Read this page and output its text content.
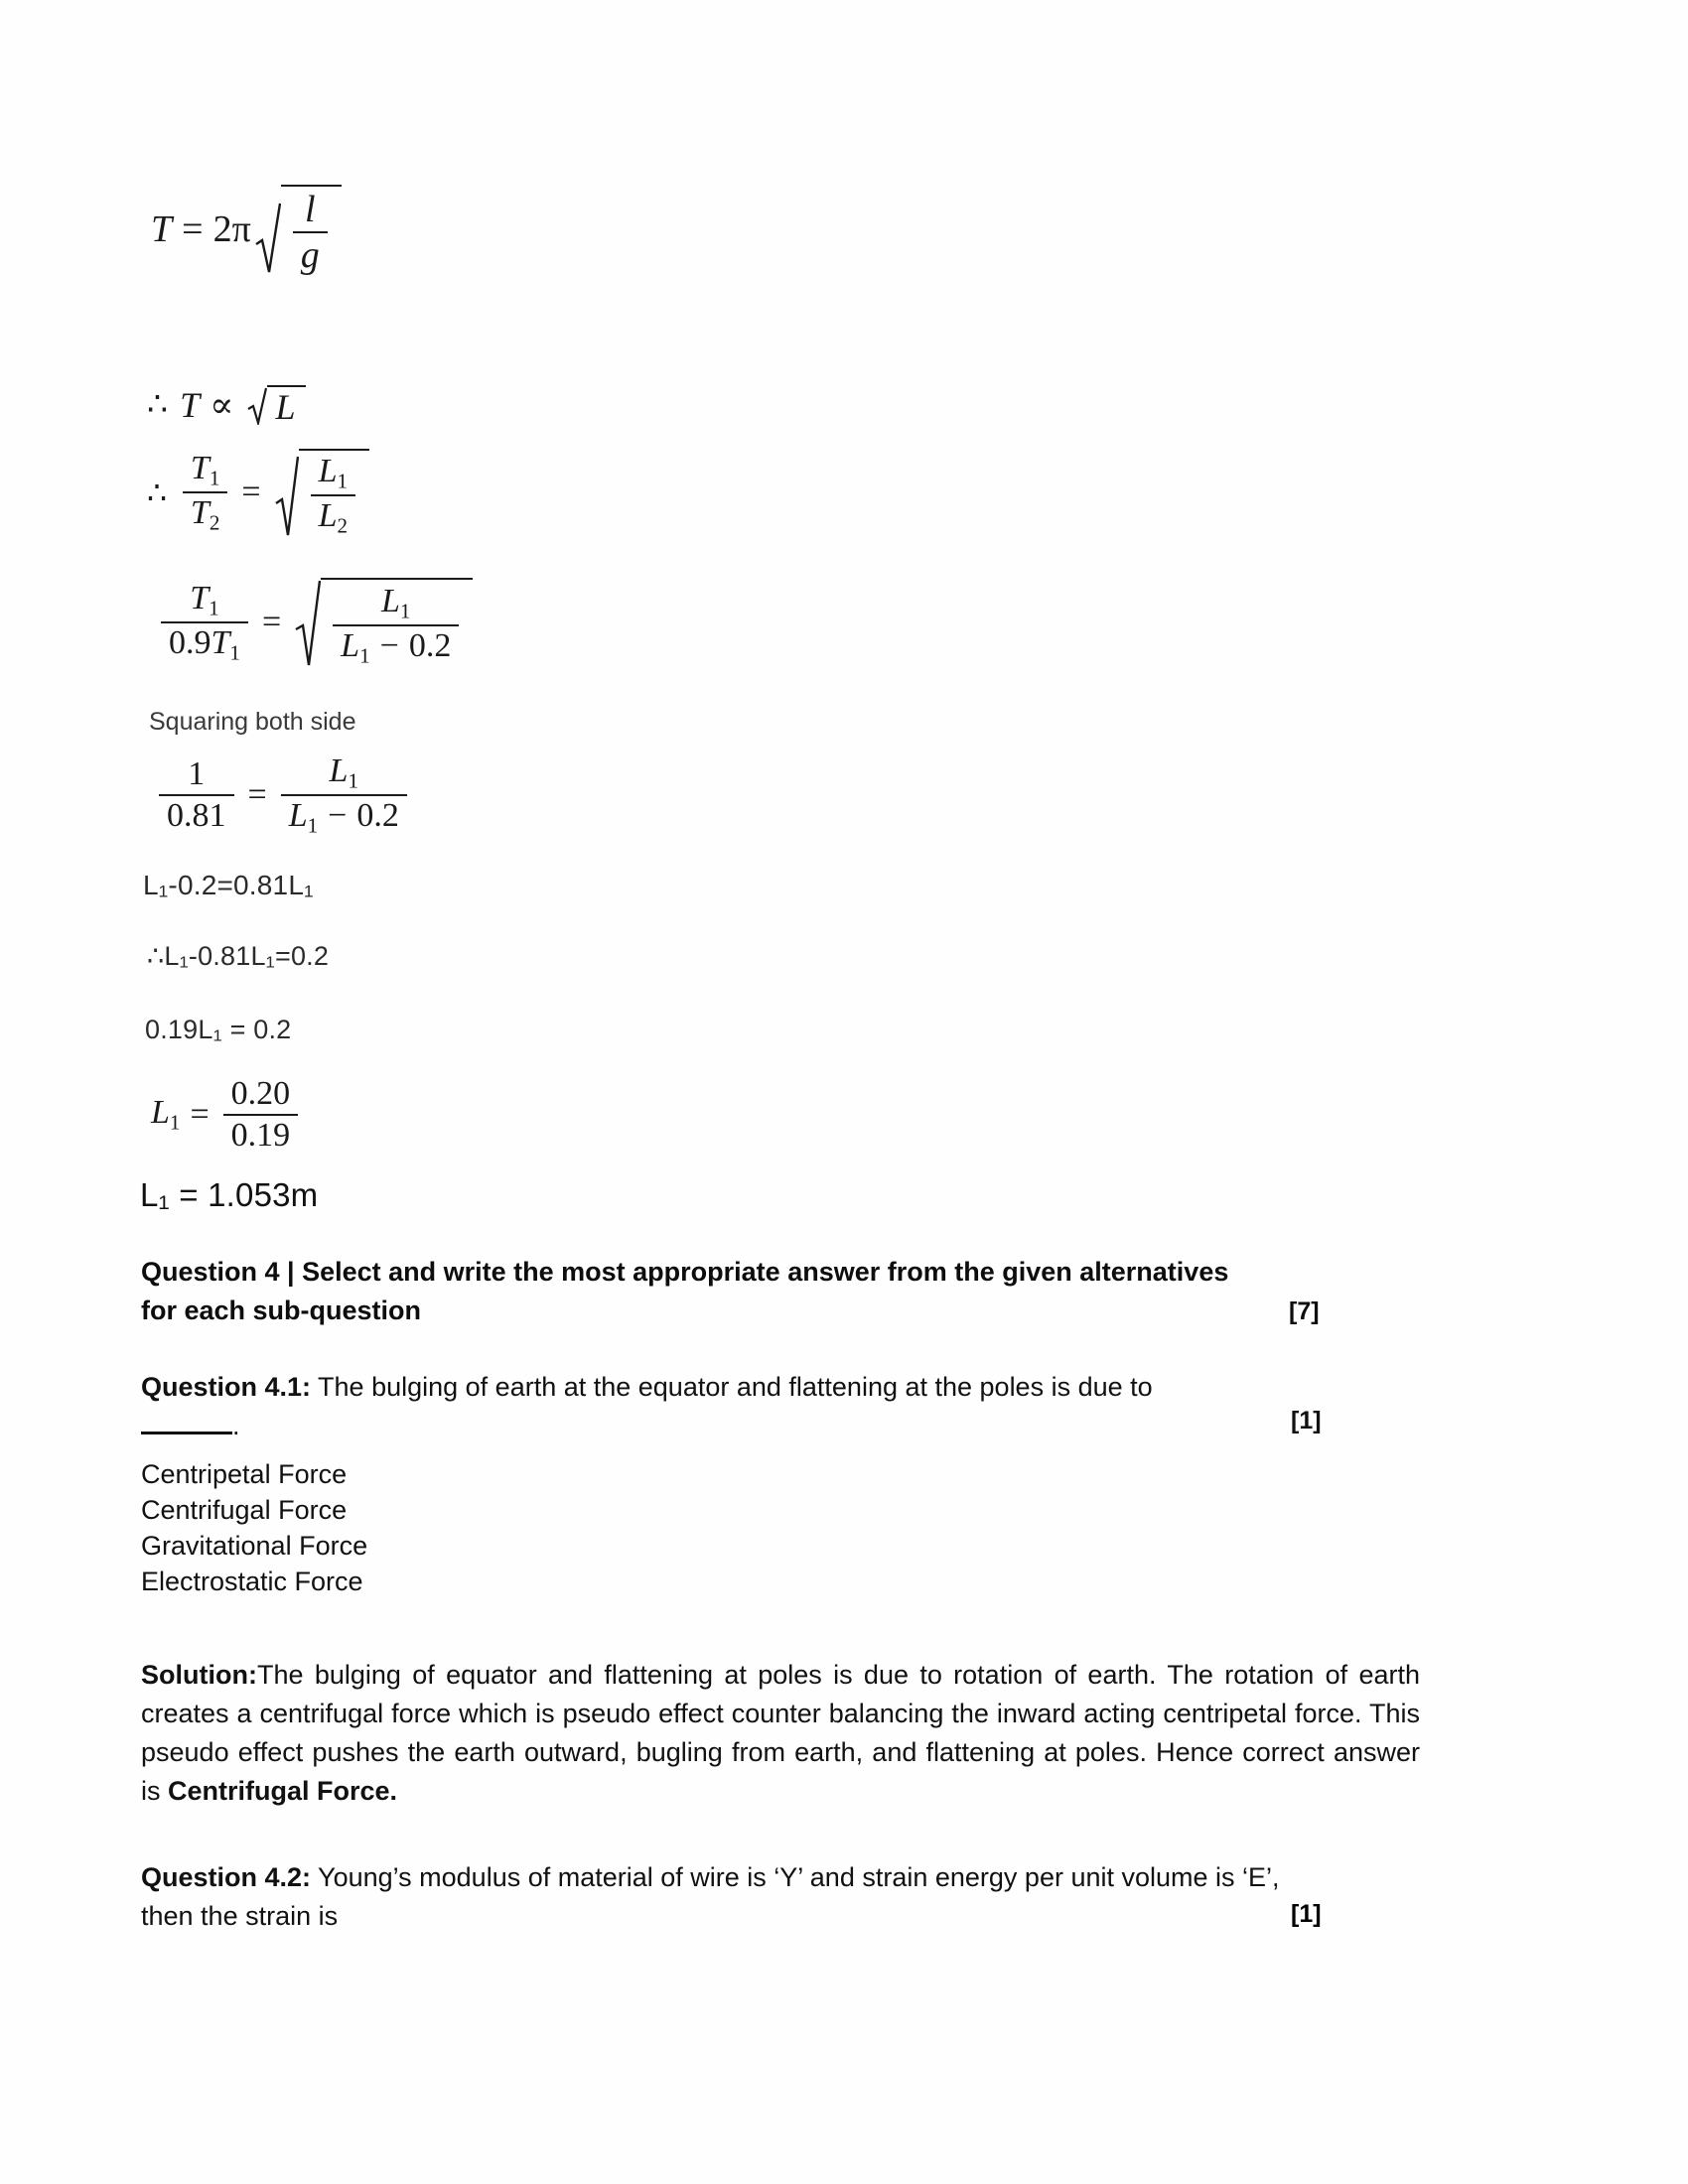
$T = 2\pi \frac{l}{g}$
∴ T ∝ L
∴ $\frac{T_1}{T_2} = \frac{L_1}{L_2}$
$\frac{T_1}{0.9T_1} = \frac{L_1}{L_1 - 0.2}$
Squaring both side
$\frac{1}{0.81} = \frac{L_1}{L_1 - 0.2}$
L₁-0.2=0.81L₁
∴L₁-0.81L₁=0.2
0.19L₁ = 0.2
$L_1 = \frac{0.20}{0.19}$
L₁ = 1.053m
Question 4 | Select and write the most appropriate answer from the given alternatives
for each sub-question	[7]
Question 4.1: The bulging of earth at the equator and flattening at the poles is due to
.	[1]
Centripetal Force
Centrifugal Force
Gravitational Force
Electrostatic Force
Solution:The bulging of equator and flattening at poles is due to rotation of earth. The rotation of earth creates a centrifugal force which is pseudo effect counter balancing the inward acting centripetal force. This pseudo effect pushes the earth outward, bugling from earth, and flattening at poles. Hence correct answer is Centrifugal Force.
Question 4.2: Young’s modulus of material of wire is ‘Y’ and strain energy per unit volume is ‘E’, then the strain is	[1]
